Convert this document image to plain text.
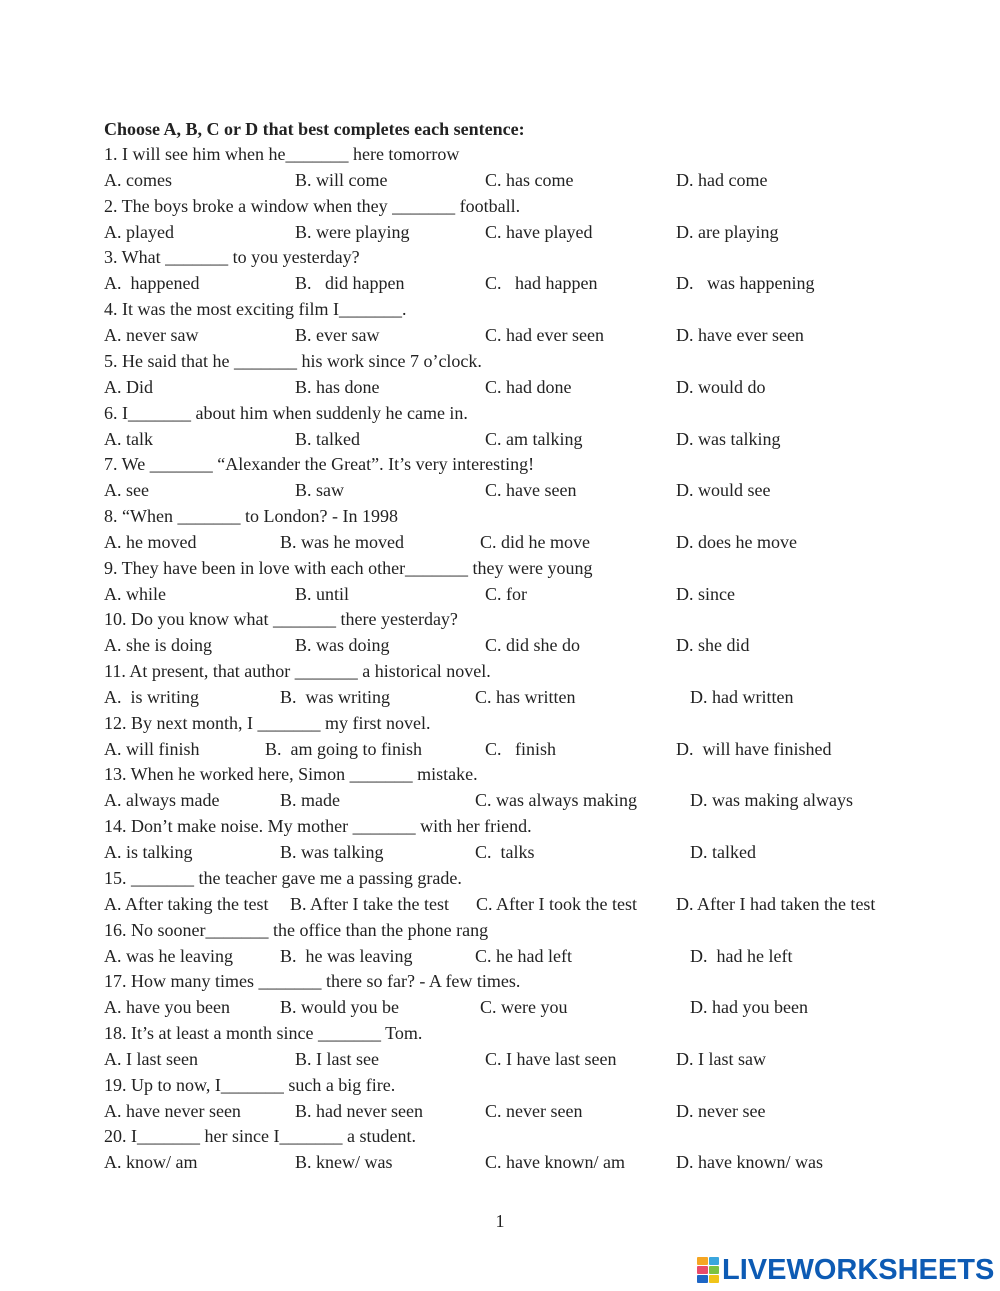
Choose A, B, C or D that best completes each sentence:
1. I will see him when he_______ here tomorrow
A. comes	B. will come	C. has come	D. had come
2. The boys broke a window when they _______ football.
A. played	B. were playing	C. have played	D. are playing
3. What _______ to you yesterday?
A.  happened	B.   did happen	C.   had happen	D.   was happening
4. It was the most exciting film I_______.
A. never saw	B. ever saw	C. had ever seen	D. have ever seen
5. He said that he _______ his work since 7 o’clock.
A. Did	B. has done	C. had done	D. would do
6. I_______ about him when suddenly he came in.
A. talk	B. talked	C. am talking	D. was talking
7. We _______ “Alexander the Great”. It’s very interesting!
A. see	B. saw	C. have seen	D. would see
8. “When _______ to London? - In 1998
A. he moved	B. was he moved	C. did he move	D. does he move
9. They have been in love with each other_______ they were young
A. while	B. until	C. for	D. since
10. Do you know what _______ there yesterday?
A. she is doing	B. was doing	C. did she do	D. she did
11. At present, that author _______ a historical novel.
A.  is writing	B.  was writing	C. has written	D. had written
12. By next month, I _______ my first novel.
A. will finish	B.  am going to finish	C.   finish	D.  will have finished
13. When he worked here, Simon _______ mistake.
A. always made	B. made	C. was always making	D. was making always
14. Don’t make noise. My mother _______ with her friend.
A. is talking	B. was talking	C.  talks	D. talked
15. _______ the teacher gave me a passing grade.
A. After taking the test B. After I take the test C. After I took the test D. After I had taken the test
16. No sooner_______ the office than the phone rang
A. was he leaving	B.  he was leaving	C. he had left	D.  had he left
17. How many times _______ there so far? - A few times.
A. have you been	B. would you be	C. were you	D. had you been
18. It’s at least a month since _______ Tom.
A. I last seen	B. I last see	C. I have last seen	D. I last saw
19. Up to now, I_______ such a big fire.
A. have never seen	B. had never seen	C. never seen	D. never see
20. I_______ her since I_______ a student.
A. know/ am	B. knew/ was	C. have known/ am	D. have known/ was
1
LIVEWORKSHEETS
